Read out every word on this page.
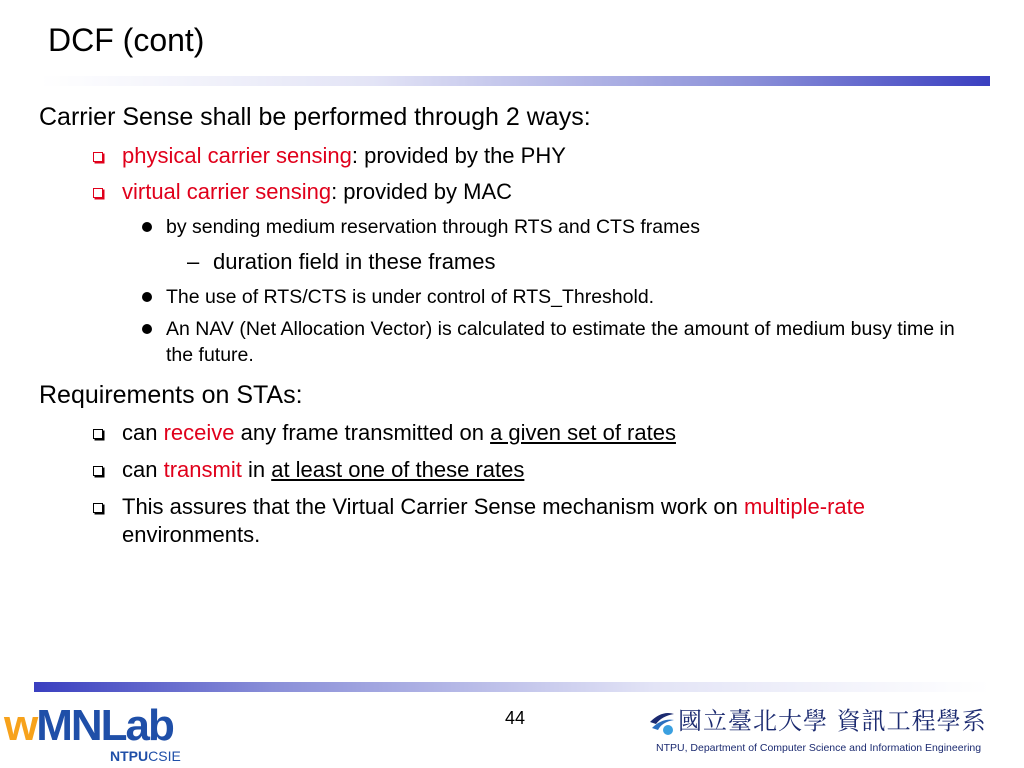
DCF (cont)
Carrier Sense shall be performed through 2 ways:
physical carrier sensing: provided by the PHY
virtual carrier sensing: provided by MAC
by sending medium reservation through RTS and CTS frames
– duration field in these frames
The use of RTS/CTS is under control of RTS_Threshold.
An NAV (Net Allocation Vector) is calculated to estimate the amount of medium busy time in the future.
Requirements on STAs:
can receive any frame transmitted on a given set of rates
can transmit in at least one of these rates
This assures that the Virtual Carrier Sense mechanism work on multiple-rate environments.
44
wMNLab
NTPUCSIE
國立臺北大學 資訊工程學系
NTPU, Department of Computer Science and Information Engineering
